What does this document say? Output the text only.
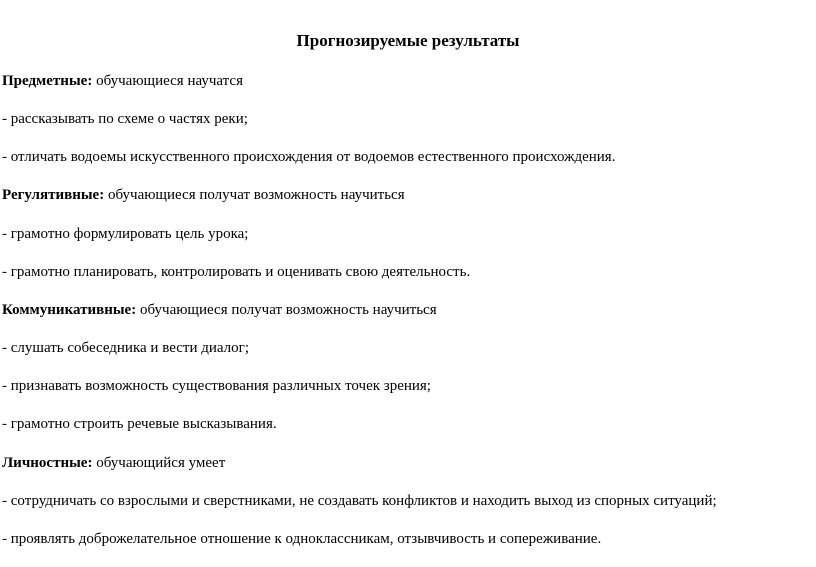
Прогнозируемые результаты

Предметные: обучающиеся научатся

- рассказывать по схеме о частях реки;

- отличать водоемы искусственного происхождения от водоемов естественного происхождения.

Регулятивные: обучающиеся получат возможность научиться

- грамотно формулировать цель урока;

- грамотно планировать, контролировать и оценивать свою деятельность.

Коммуникативные: обучающиеся получат возможность научиться

- слушать собеседника и вести диалог;

- признавать возможность существования различных точек зрения;

- грамотно строить речевые высказывания.

Личностные: обучающийся умеет

- сотрудничать со взрослыми и сверстниками, не создавать конфликтов и находить выход из спорных ситуаций;

- проявлять доброжелательное отношение к одноклассникам, отзывчивость и сопереживание.
